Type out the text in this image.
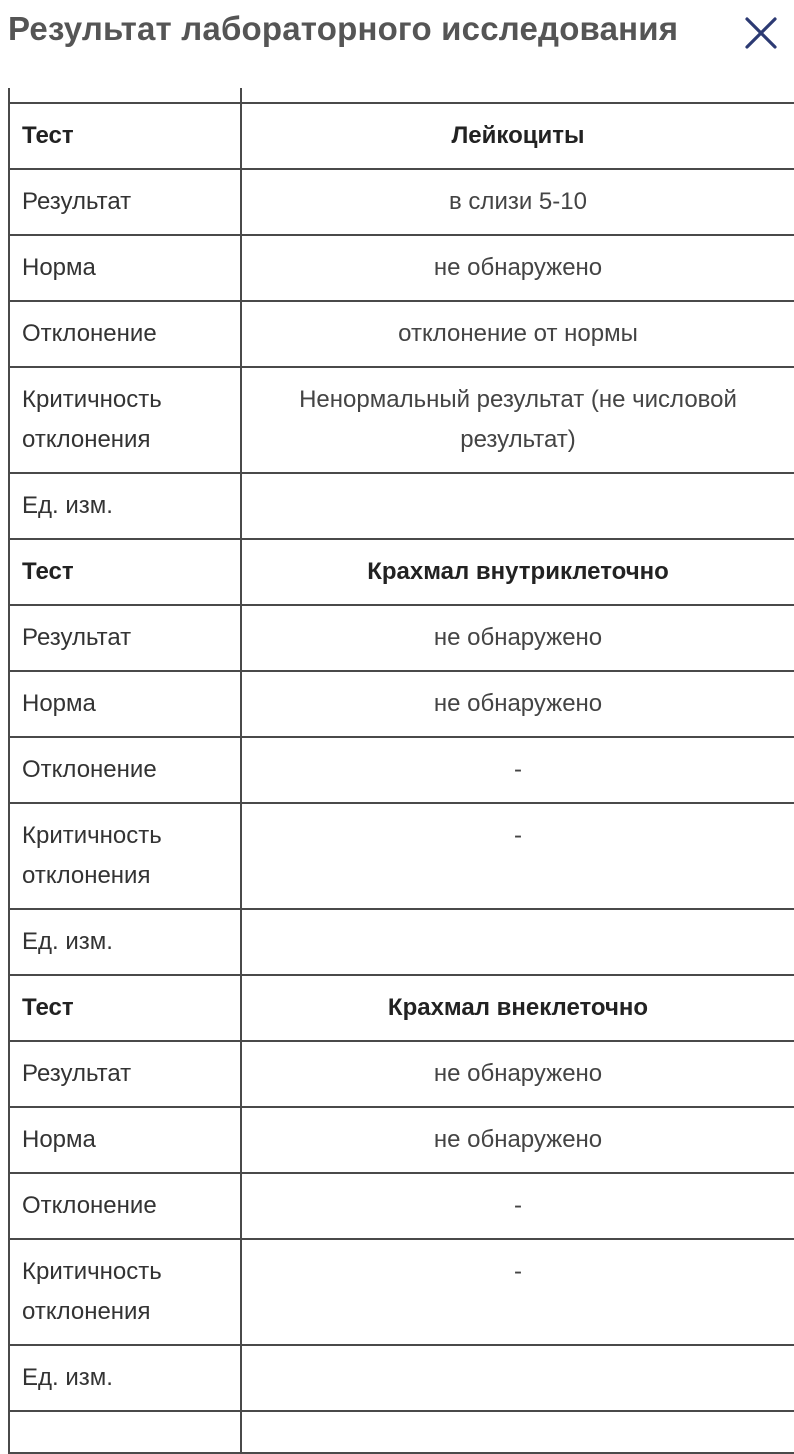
Результат лабораторного исследования

Тест	Лейкоциты
Результат	в слизи 5-10
Норма	не обнаружено
Отклонение	отклонение от нормы
Критичность отклонения	Ненормальный результат (не числовой результат)
Ед. изм.	
Тест	Крахмал внутриклеточно
Результат	не обнаружено
Норма	не обнаружено
Отклонение	-
Критичность отклонения	-
Ед. изм.	
Тест	Крахмал внеклеточно
Результат	не обнаружено
Норма	не обнаружено
Отклонение	-
Критичность отклонения	-
Ед. изм.	
